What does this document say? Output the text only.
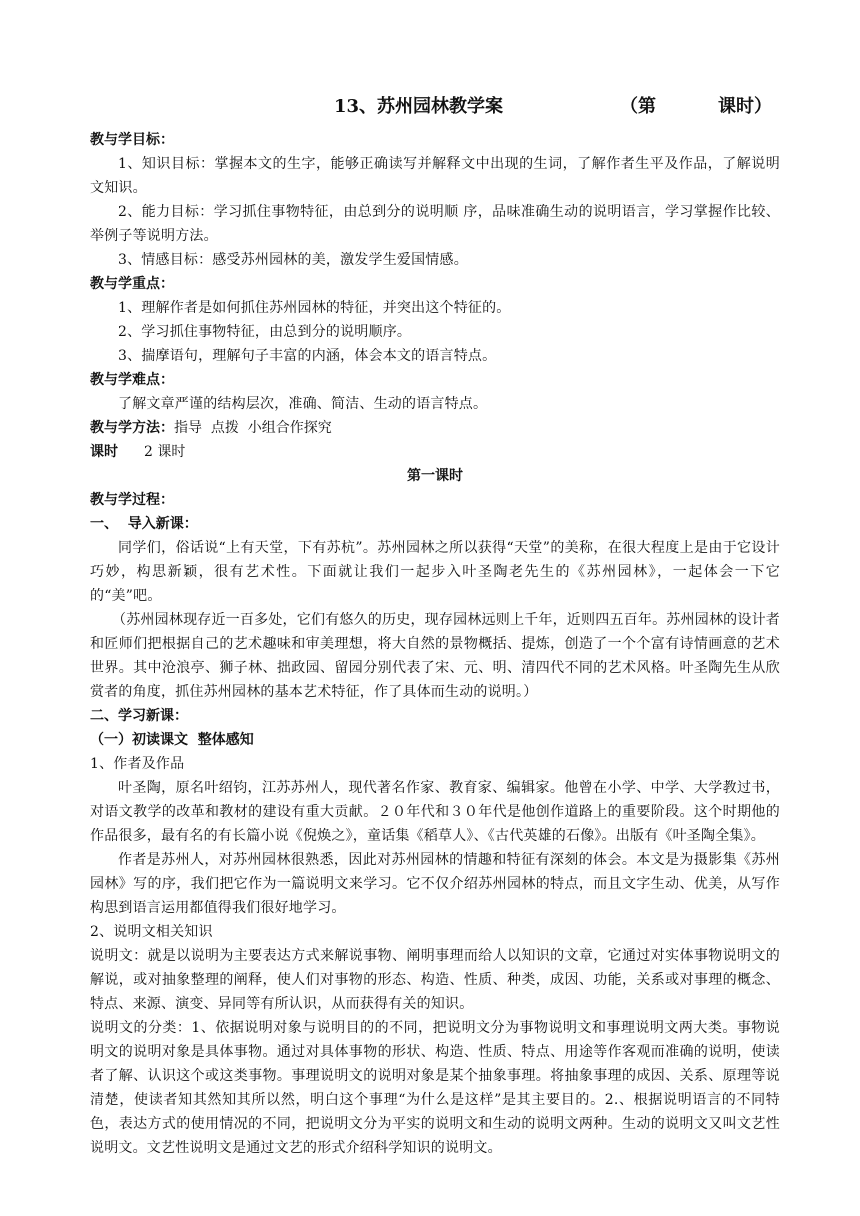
13、苏州园林教学案	（第	课时）

教与学目标：

1、知识目标：掌握本文的生字，能够正确读写并解释文中出现的生词，了解作者生平及作品，了解说明文知识。

2、能力目标：学习抓住事物特征，由总到分的说明顺 序，品味准确生动的说明语言，学习掌握作比较、举例子等说明方法。

3、情感目标：感受苏州园林的美，激发学生爱国情感。

教与学重点：

1、理解作者是如何抓住苏州园林的特征，并突出这个特征的。

2、学习抓住事物特征，由总到分的说明顺序。

3、揣摩语句，理解句子丰富的内涵，体会本文的语言特点。

教与学难点：

了解文章严谨的结构层次，准确、简洁、生动的语言特点。

教与学方法：指导  点拨  小组合作探究

课时 2 课时

第一课时

教与学过程：

一、  导入新课：

同学们，俗话说“上有天堂，下有苏杭”。苏州园林之所以获得“天堂”的美称，在很大程度上是由于它设计巧妙，构思新颖，很有艺术性。下面就让我们一起步入叶圣陶老先生的《苏州园林》，一起体会一下它的“美”吧。

（苏州园林现存近一百多处，它们有悠久的历史，现存园林远则上千年，近则四五百年。苏州园林的设计者和匠师们把根据自己的艺术趣味和审美理想，将大自然的景物概括、提炼，创造了一个个富有诗情画意的艺术世界。其中沧浪亭、狮子林、拙政园、留园分别代表了宋、元、明、清四代不同的艺术风格。叶圣陶先生从欣赏者的角度，抓住苏州园林的基本艺术特征，作了具体而生动的说明。）

二、学习新课：

（一）初读课文  整体感知

1、作者及作品

叶圣陶，原名叶绍钧，江苏苏州人，现代著名作家、教育家、编辑家。他曾在小学、中学、大学教过书，对语文教学的改革和教材的建设有重大贡献。２０年代和３０年代是他创作道路上的重要阶段。这个时期他的作品很多，最有名的有长篇小说《倪焕之》，童话集《稻草人》、《古代英雄的石像》。出版有《叶圣陶全集》。

作者是苏州人，对苏州园林很熟悉，因此对苏州园林的情趣和特征有深刻的体会。本文是为摄影集《苏州园林》写的序，我们把它作为一篇说明文来学习。它不仅介绍苏州园林的特点，而且文字生动、优美，从写作构思到语言运用都值得我们很好地学习。

2、说明文相关知识

说明文：就是以说明为主要表达方式来解说事物、阐明事理而给人以知识的文章，它通过对实体事物说明文的解说，或对抽象整理的阐释，使人们对事物的形态、构造、性质、种类，成因、功能，关系或对事理的概念、特点、来源、演变、异同等有所认识，从而获得有关的知识。

说明文的分类：1、依据说明对象与说明目的的不同，把说明文分为事物说明文和事理说明文两大类。事物说明文的说明对象是具体事物。通过对具体事物的形状、构造、性质、特点、用途等作客观而准确的说明，使读者了解、认识这个或这类事物。事理说明文的说明对象是某个抽象事理。将抽象事理的成因、关系、原理等说清楚，使读者知其然知其所以然，明白这个事理“为什么是这样”是其主要目的。2.、根据说明语言的不同特色，表达方式的使用情况的不同，把说明文分为平实的说明文和生动的说明文两种。生动的说明文又叫文艺性说明文。文艺性说明文是通过文艺的形式介绍科学知识的说明文。
